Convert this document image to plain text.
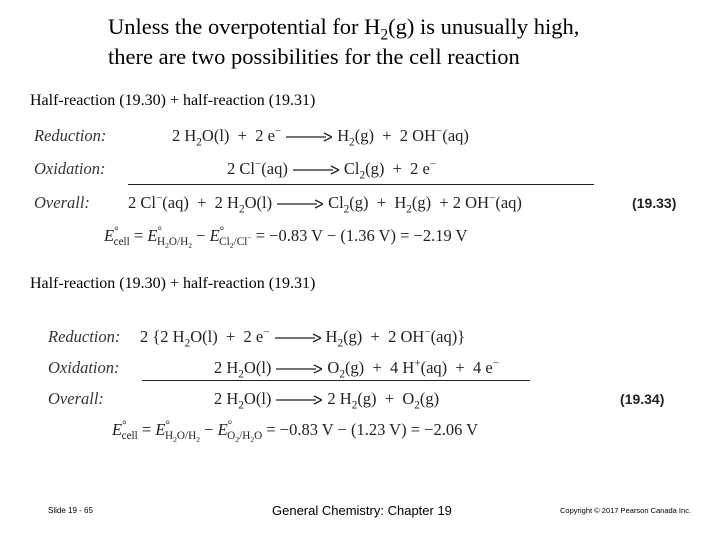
Unless the overpotential for $H_2(g)$ is unusually high,
there are two possibilities for the cell reaction
Half-reaction (19.30) + half-reaction (19.31)
Reduction:	2 $H_2O(l) + 2$ $e^- \to H_2(g) + 2$ OH−(aq)
Oxidation:	2 $Cl^-(aq) \to Cl_2(g) + 2$ e−
Overall: 2 Cl−(aq)  +  2 $H_2O(l) \to Cl_2(g) + H_2(g) + 2$ OH−(aq)	(19.33)
$E^\circ_{cell} = E^\circ_{H_2O/H_2} - E^\circ_{Cl_2/Cl^-} = -0.83$ V − (1.36 V) = −2.19 V
Half-reaction (19.30) + half-reaction (19.31)
Reduction: 2 {2 $H_2O(l) + 2$ $e^- \to H_2(g) + 2$ OH−(aq)}
Oxidation:	2 $H_2O(l) \to O_2(g) + 4$ H+(aq)  +  4 e−
Overall:	2 $H_2O(l) \to 2$ $H_2(g) + O_2(g)$	(19.34)
$E^\circ_{cell} = E^\circ_{H_2O/H_2} - E^\circ_{O_2/H_2O} = -0.83$ V − (1.23 V) = −2.06 V
Slide 19 - 65	General Chemistry: Chapter 19	Copyright © 2017 Pearson Canada Inc.
